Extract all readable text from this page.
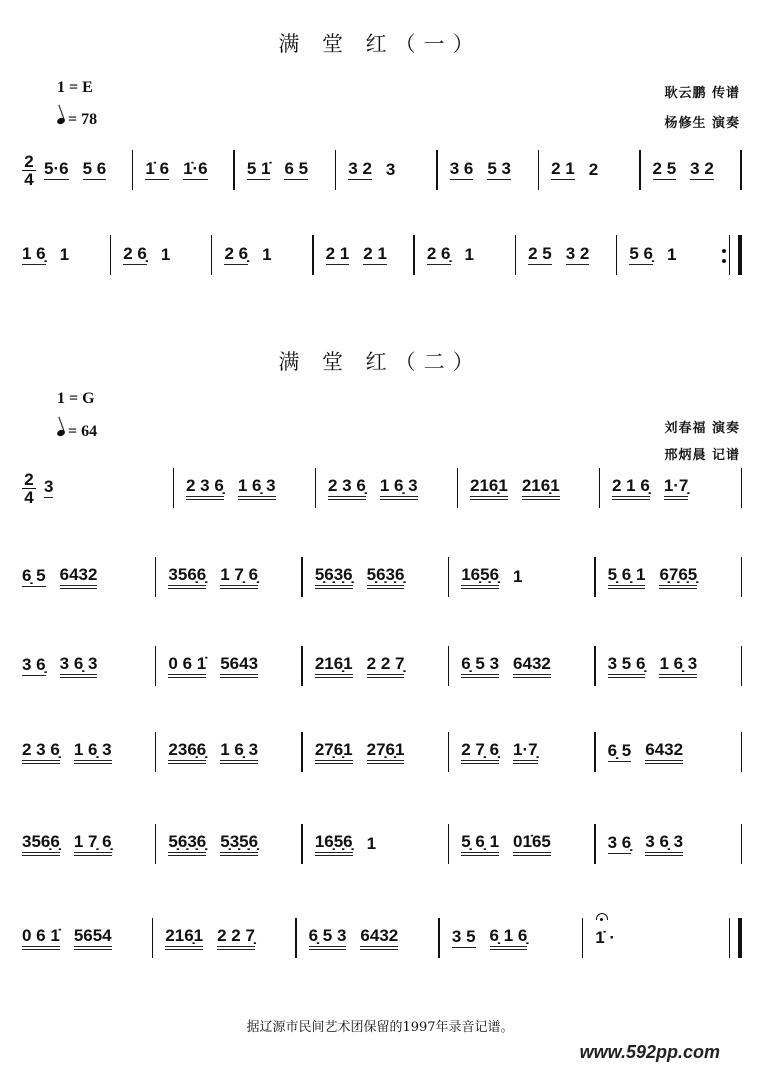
满 堂 红（一）
1 = E
= 78
耿云鹏 传谱
杨修生 演奏
2
4
5·6 5 6 1̇ 6 1̇·6 5 1̇ 6 5 3 2 3	3 6 5 3 2 1 2	2 5 3 2
1 6̣ 1	2 6̣ 1	2 6̣ 1	2 1 2 1 2 6̣ 1	2 5 3 2 5 6̣ 1
满 堂 红（二）
1 = G
= 64	刘春福 演奏
邢炳晨 记谱
2
4
3	2 3 6̣ 1 6̣ 3	2 3 6̣ 1 6̣ 3	216̣1 216̣1	2 1 6̣ 1·7̣
6̣ 5 6432	356̣6̣ 1 7̣ 6̣	5̣6̣3̣6̣ 5̣6̣3̣6̣	16̣5̣6̣ 1	5̣ 6̣ 1 6̣7̣6̣5̣
3 6̣ 3 6̣ 3	0 6 1̇ 5643	216̣1 2 2 7̣	6̣ 5 3 6432	3 5 6̣ 1 6̣ 3
2 3 6̣ 1 6̣ 3	236̣6̣ 1 6̣ 3	27̣6̣1 27̣6̣1	2 7̣ 6̣ 1·7̣	6̣ 5 6432
356̣6̣ 1 7̣ 6̣	5̣6̣3̣6̣ 5̣3̣5̣6̣	16̣5̣6̣ 1	5̣ 6̣ 1 01̇65	3 6̣ 3 6̣ 3
0 6 1̇ 5654	216̣1 2 2 7̣	6̣ 5 3 6432	3 5 6̣ 1 6̣	1̇ ·
据辽源市民间艺术团保留的1997年录音记谱。
www.592pp.com
